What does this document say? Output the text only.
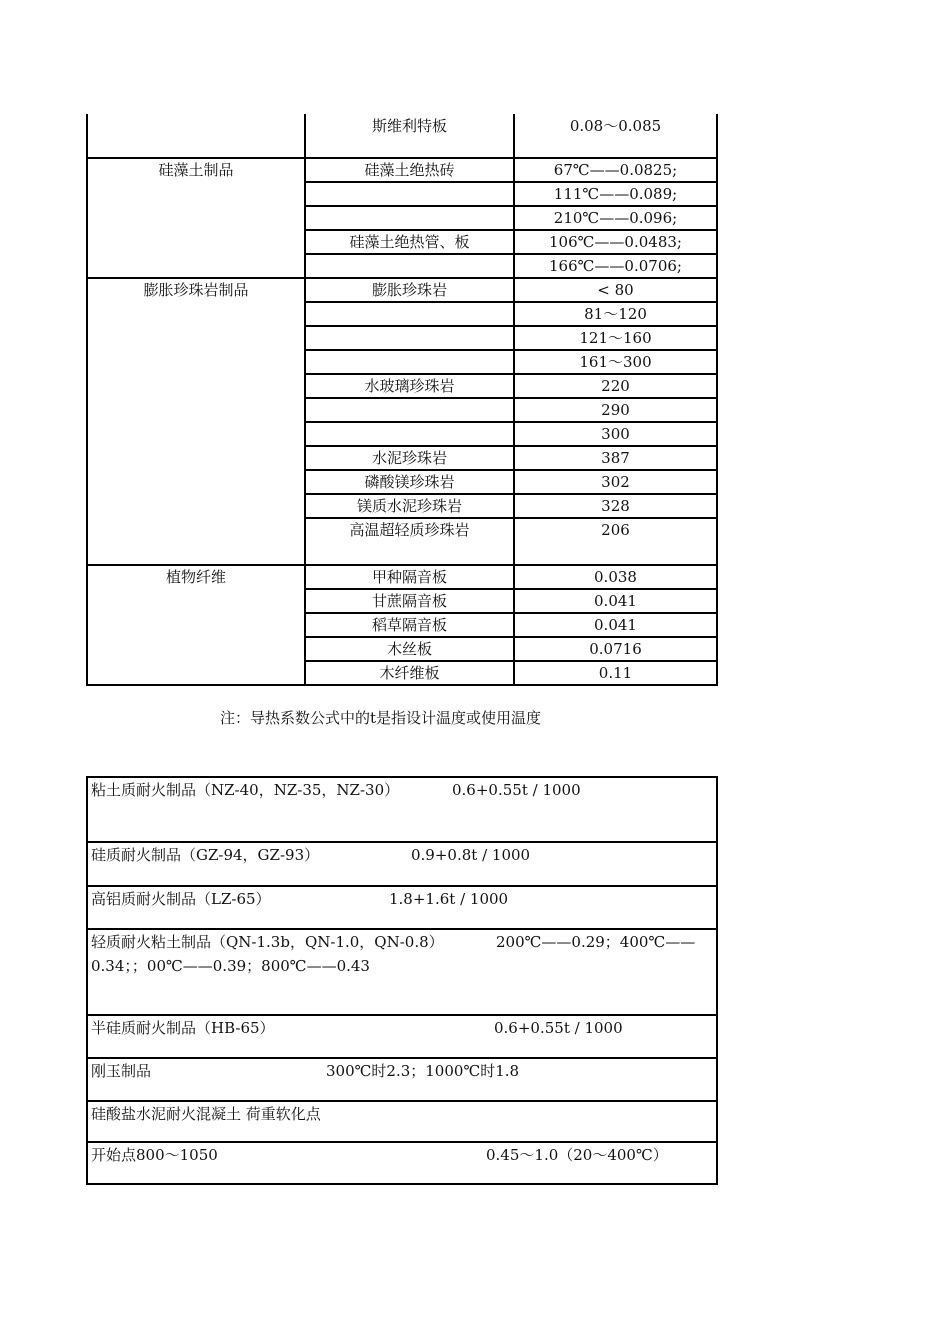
	斯维利特板	0.08～0.085
硅藻土制品	硅藻土绝热砖	67℃——0.0825;
		111℃——0.089;
		210℃——0.096;
	硅藻土绝热管、板	106℃——0.0483;
		166℃——0.0706;
膨胀珍珠岩制品	膨胀珍珠岩	< 80
		81～120
		121～160
		161～300
	水玻璃珍珠岩	220
		290
		300
	水泥珍珠岩	387
	磷酸镁珍珠岩	302
	镁质水泥珍珠岩	328
	高温超轻质珍珠岩	206
植物纤维	甲种隔音板	0.038
	甘蔗隔音板	0.041
	稻草隔音板	0.041
	木丝板	0.0716
	木纤维板	0.11
注：导热系数公式中的t是指设计温度或使用温度
粘土质耐火制品（NZ-40，NZ-35，NZ-30）	0.6+0.55t / 1000

硅质耐火制品（GZ-94，GZ-93）	0.9+0.8t / 1000

高铝质耐火制品（LZ-65）	1.8+1.6t / 1000

轻质耐火粘土制品（QN-1.3b，QN-1.0，QN-0.8）	200℃——0.29；400℃——
0.34；；00℃——0.39；800℃——0.43

半硅质耐火制品（HB-65）	0.6+0.55t / 1000

刚玉制品	300℃时2.3；1000℃时1.8

硅酸盐水泥耐火混凝土 荷重软化点

开始点800～1050	0.45～1.0（20～400℃）
